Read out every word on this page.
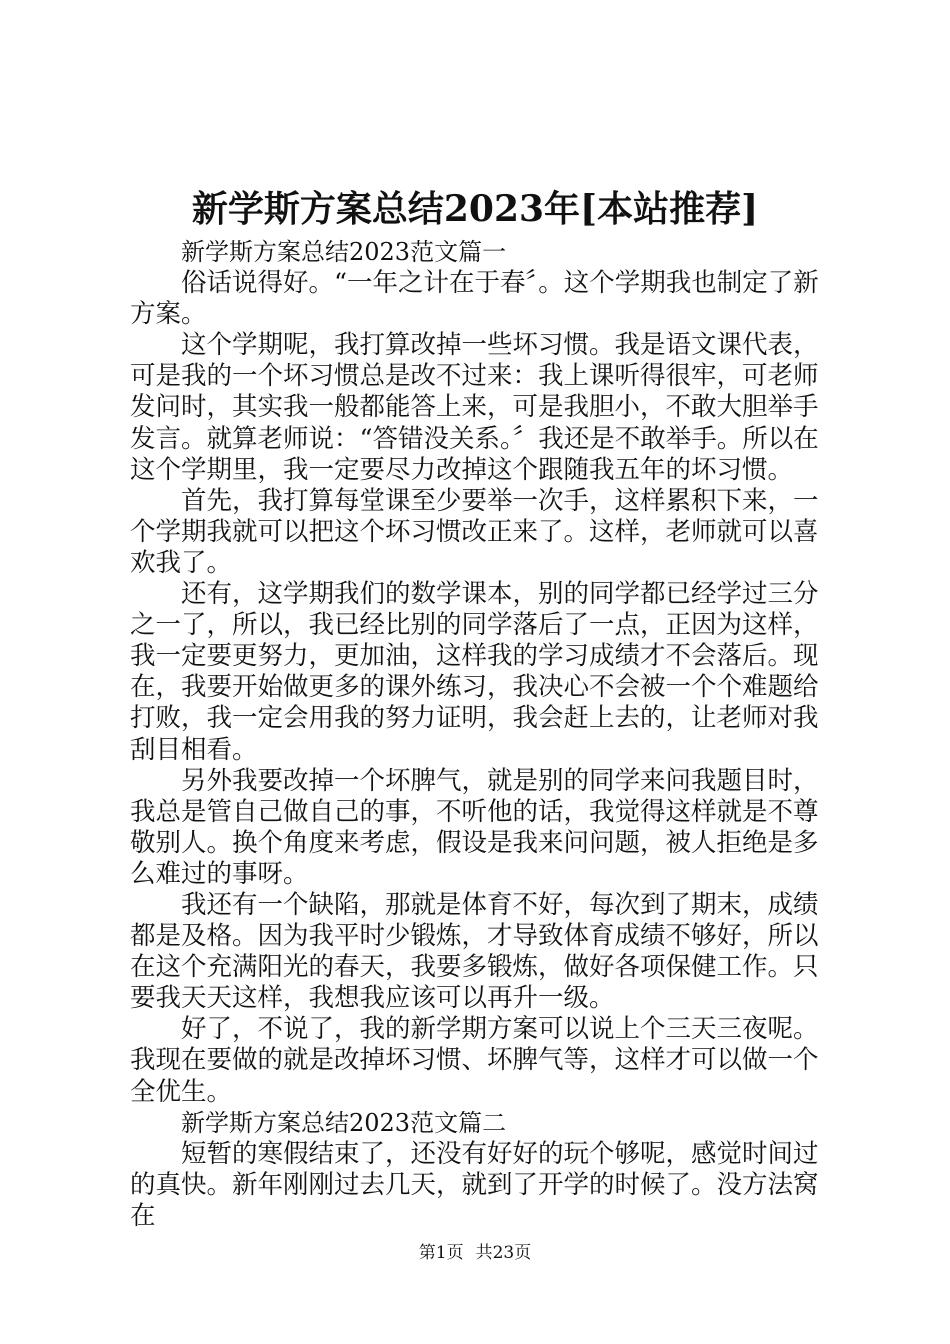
新学斯方案总结2023年[本站推荐]

新学斯方案总结2023范文篇一

俗话说得好。“一年之计在于春〞。这个学期我也制定了新方案。

这个学期呢，我打算改掉一些坏习惯。我是语文课代表，可是我的一个坏习惯总是改不过来：我上课听得很牢，可老师发问时，其实我一般都能答上来，可是我胆小，不敢大胆举手发言。就算老师说：“答错没关系。〞我还是不敢举手。所以在这个学期里，我一定要尽力改掉这个跟随我五年的坏习惯。

首先，我打算每堂课至少要举一次手，这样累积下来，一个学期我就可以把这个坏习惯改正来了。这样，老师就可以喜欢我了。

还有，这学期我们的数学课本，别的同学都已经学过三分之一了，所以，我已经比别的同学落后了一点，正因为这样，我一定要更努力，更加油，这样我的学习成绩才不会落后。现在，我要开始做更多的课外练习，我决心不会被一个个难题给打败，我一定会用我的努力证明，我会赶上去的，让老师对我刮目相看。

另外我要改掉一个坏脾气，就是别的同学来问我题目时，我总是管自己做自己的事，不听他的话，我觉得这样就是不尊敬别人。换个角度来考虑，假设是我来问问题，被人拒绝是多么难过的事呀。

我还有一个缺陷，那就是体育不好，每次到了期末，成绩都是及格。因为我平时少锻炼，才导致体育成绩不够好，所以在这个充满阳光的春天，我要多锻炼，做好各项保健工作。只要我天天这样，我想我应该可以再升一级。

好了，不说了，我的新学期方案可以说上个三天三夜呢。我现在要做的就是改掉坏习惯、坏脾气等，这样才可以做一个全优生。

新学斯方案总结2023范文篇二

短暂的寒假结束了，还没有好好的玩个够呢，感觉时间过的真快。新年刚刚过去几天，就到了开学的时候了。没方法窝在

第1页 共23页
